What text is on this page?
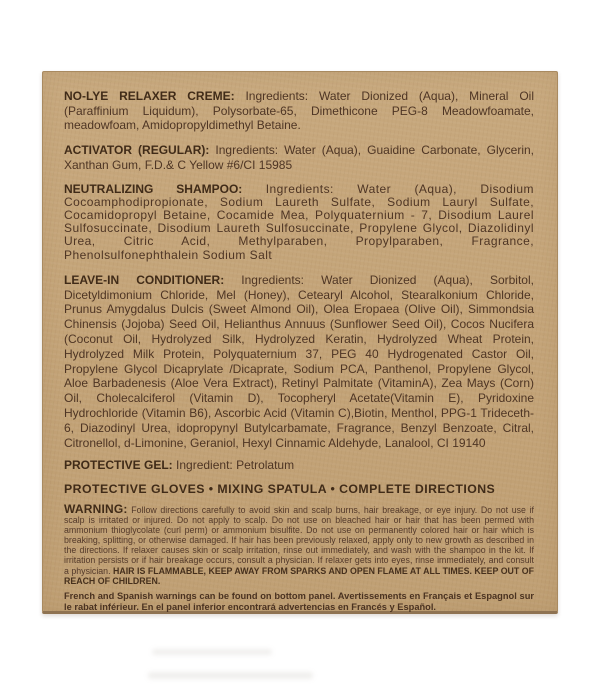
NO-LYE RELAXER CREME: Ingredients: Water Dionized (Aqua), Mineral Oil (Paraffinium Liquidum), Polysorbate-65, Dimethicone PEG-8 Meadowfoamate, meadowfoam, Amidopropyldimethyl Betaine.

ACTIVATOR (REGULAR): Ingredients: Water (Aqua), Guaidine Carbonate, Glycerin, Xanthan Gum, F.D.& C Yellow #6/CI 15985

NEUTRALIZING SHAMPOO: Ingredients: Water (Aqua), Disodium Cocoamphodipropionate, Sodium Laureth Sulfate, Sodium Lauryl Sulfate, Cocamidopropyl Betaine, Cocamide Mea, Polyquaternium - 7, Disodium Laurel Sulfosuccinate, Disodium Laureth Sulfosuccinate, Propylene Glycol, Diazolidinyl Urea, Citric Acid, Methylparaben, Propylparaben, Fragrance, Phenolsulfonephthalein Sodium Salt

LEAVE-IN CONDITIONER: Ingredients: Water Dionized (Aqua), Sorbitol, Dicetyldimonium Chloride, Mel (Honey), Cetearyl Alcohol, Stearalkonium Chloride, Prunus Amygdalus Dulcis (Sweet Almond Oil), Olea Eropaea (Olive Oil), Simmondsia Chinensis (Jojoba) Seed Oil, Helianthus Annuus (Sunflower Seed Oil), Cocos Nucifera (Coconut Oil, Hydrolyzed Silk, Hydrolyzed Keratin, Hydrolyzed Wheat Protein, Hydrolyzed Milk Protein, Polyquaternium 37, PEG 40 Hydrogenated Castor Oil, Propylene Glycol Dicaprylate /Dicaprate, Sodium PCA, Panthenol, Propylene Glycol, Aloe Barbadenesis (Aloe Vera Extract), Retinyl Palmitate (VitaminA), Zea Mays (Corn) Oil, Cholecalciferol (Vitamin D), Tocopheryl Acetate(Vitamin E), Pyridoxine Hydrochloride (Vitamin B6), Ascorbic Acid (Vitamin C),Biotin, Menthol, PPG-1 Trideceth-6, Diazodinyl Urea, idopropynyl Butylcarbamate, Fragrance, Benzyl Benzoate, Citral, Citronellol, d-Limonine, Geraniol, Hexyl Cinnamic Aldehyde, Lanalool, CI 19140

PROTECTIVE GEL: Ingredient: Petrolatum

PROTECTIVE GLOVES • MIXING SPATULA • COMPLETE DIRECTIONS

WARNING: Follow directions carefully to avoid skin and scalp burns, hair breakage, or eye injury. Do not use if scalp is irritated or injured. Do not apply to scalp. Do not use on bleached hair or hair that has been permed with ammonium thioglycolate (curl perm) or ammonium bisulfite. Do not use on permanently colored hair or hair which is breaking, splitting, or otherwise damaged. If hair has been previously relaxed, apply only to new growth as described in the directions. If relaxer causes skin or scalp irritation, rinse out immediately, and wash with the shampoo in the kit. If irritation persists or if hair breakage occurs, consult a physician. If relaxer gets into eyes, rinse immediately, and consult a physician. HAIR IS FLAMMABLE, KEEP AWAY FROM SPARKS AND OPEN FLAME AT ALL TIMES. KEEP OUT OF REACH OF CHILDREN.

French and Spanish warnings can be found on bottom panel. Avertissements en Français et Espagnol sur le rabat inférieur. En el panel inferior encontrará advertencias en Francés y Español.
